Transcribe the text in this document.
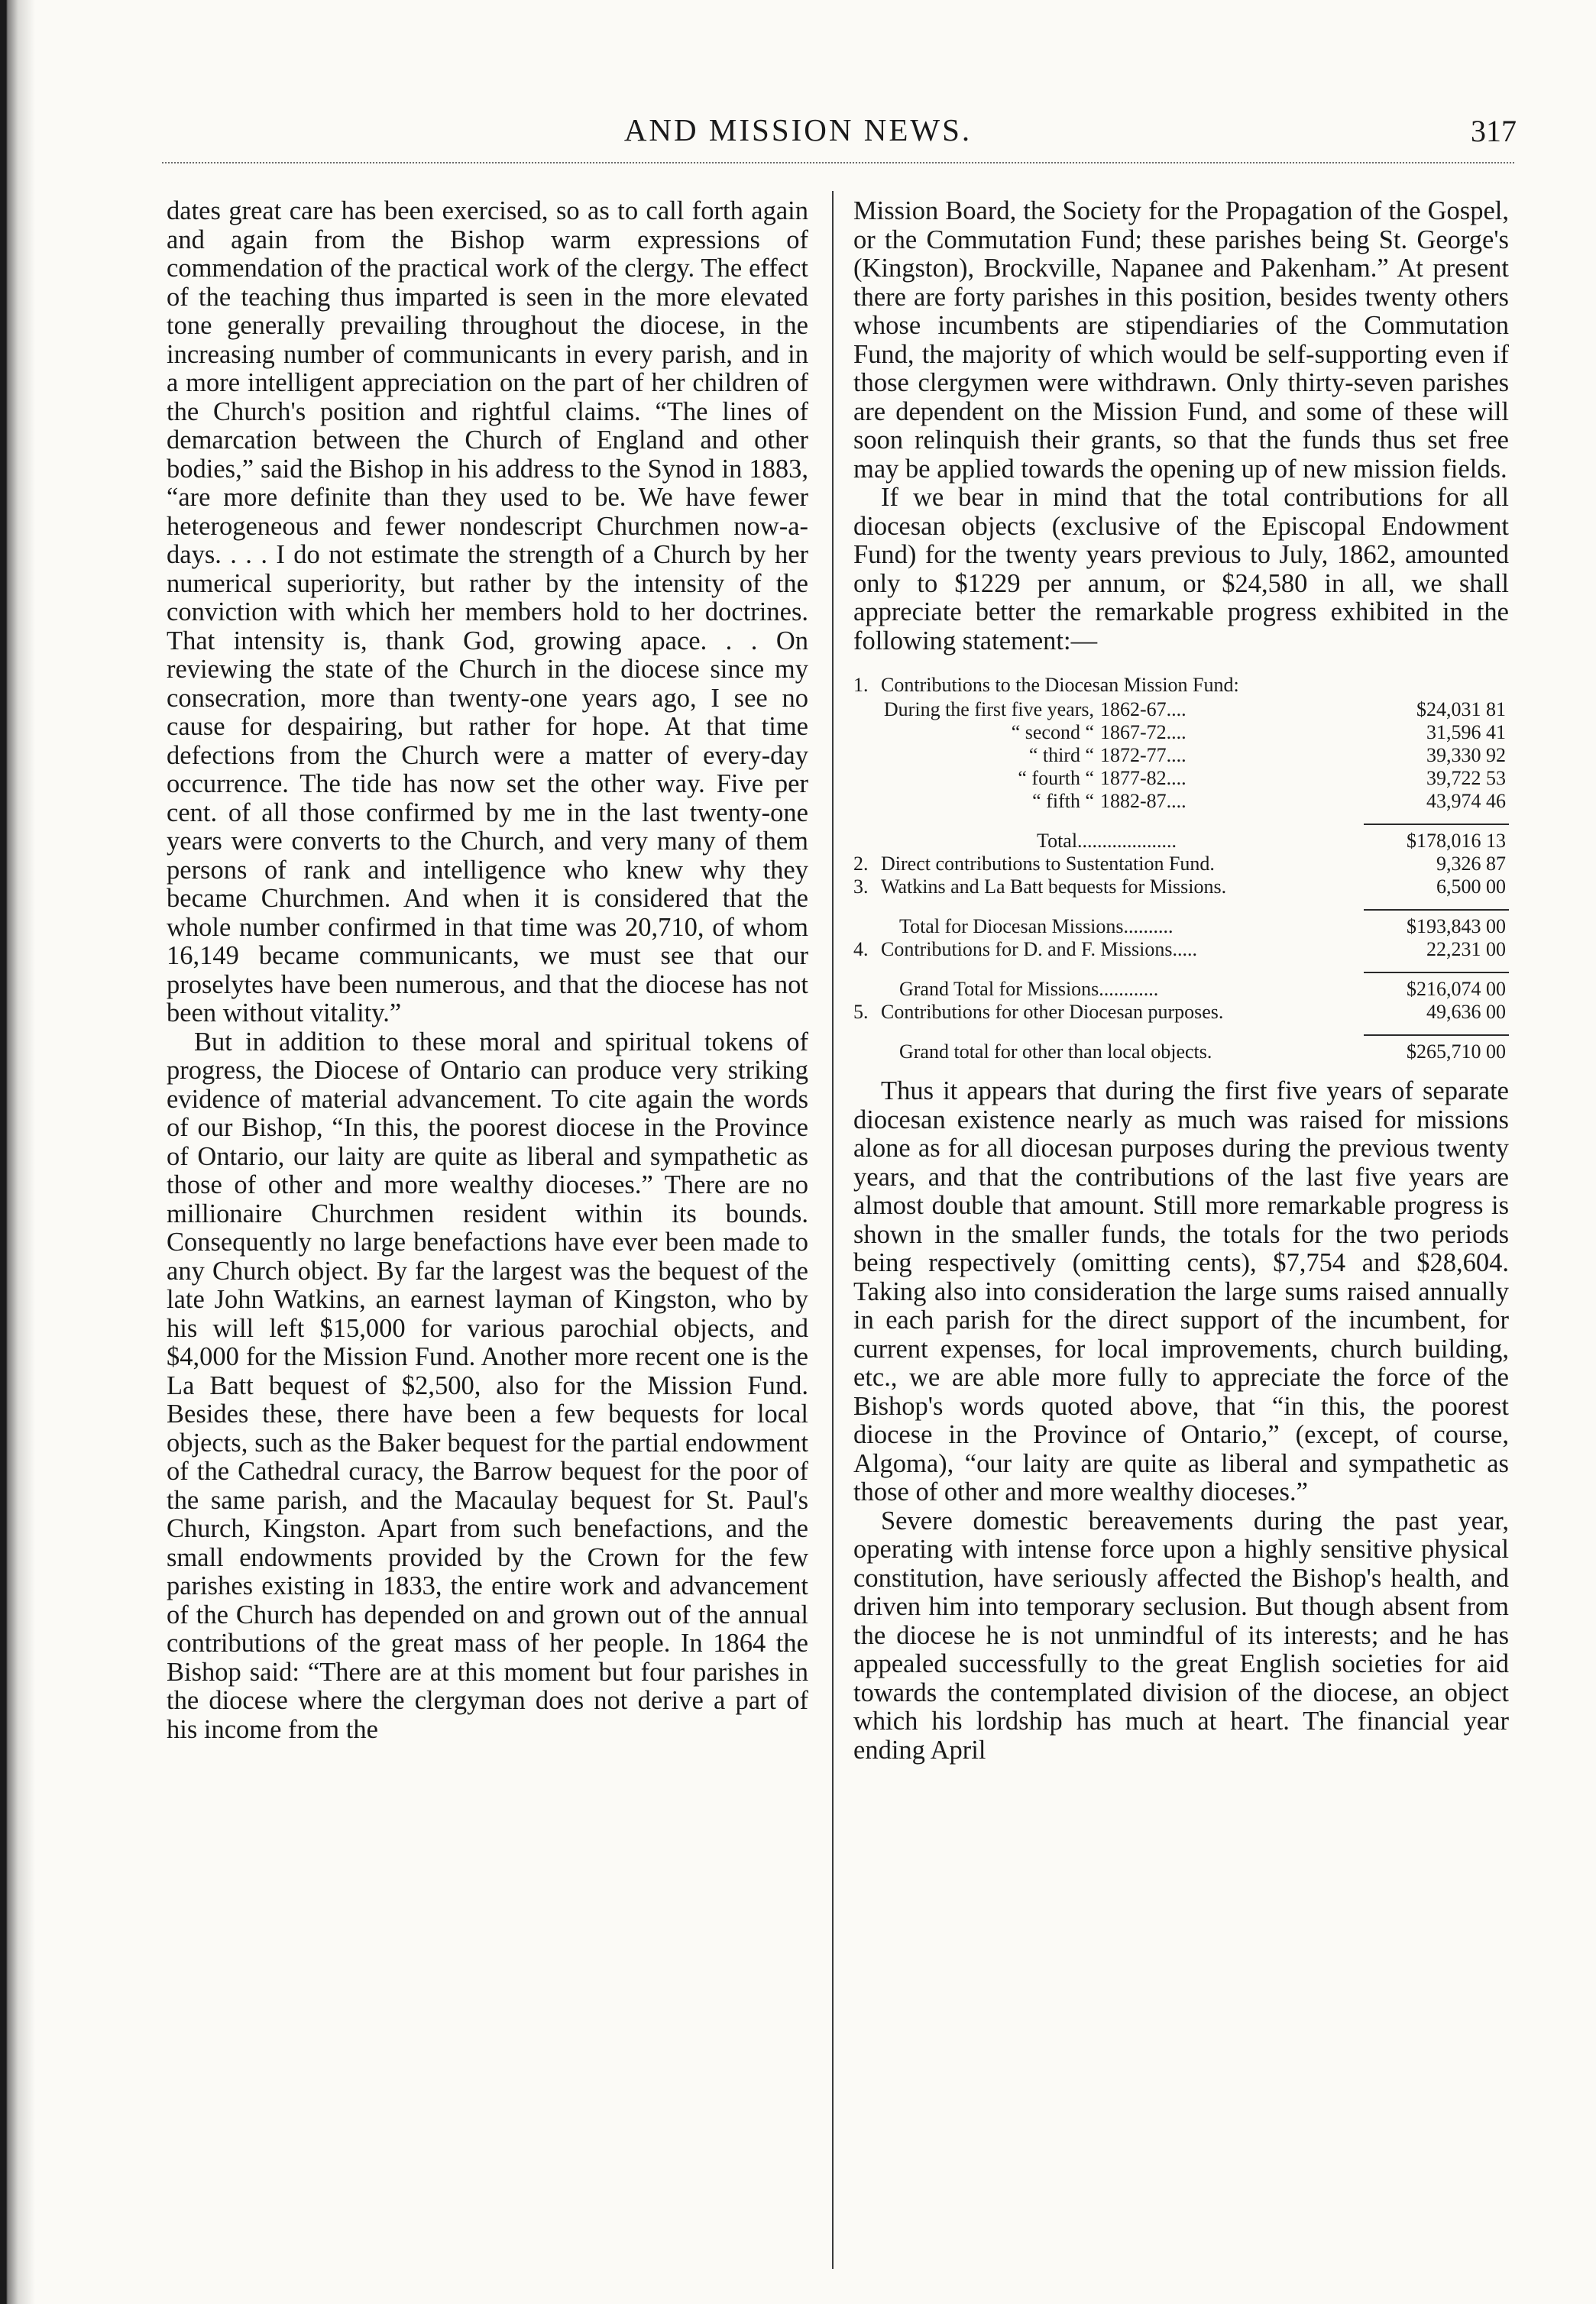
AND MISSION NEWS.	317

dates great care has been exercised, so as to call forth again and again from the Bishop warm expressions of commendation of the practical work of the clergy. The effect of the teaching thus imparted is seen in the more elevated tone generally prevailing throughout the diocese, in the increasing number of communicants in every parish, and in a more intelligent appreciation on the part of her children of the Church's position and rightful claims. “The lines of demarcation between the Church of England and other bodies,” said the Bishop in his address to the Synod in 1883, “are more definite than they used to be. We have fewer heterogeneous and fewer nondescript Churchmen now-a-days. . . . I do not estimate the strength of a Church by her numerical superiority, but rather by the intensity of the conviction with which her members hold to her doctrines. That intensity is, thank God, growing apace. . . On reviewing the state of the Church in the diocese since my consecration, more than twenty-one years ago, I see no cause for despairing, but rather for hope. At that time defections from the Church were a matter of every-day occurrence. The tide has now set the other way. Five per cent. of all those confirmed by me in the last twenty-one years were converts to the Church, and very many of them persons of rank and intelligence who knew why they became Churchmen. And when it is considered that the whole number confirmed in that time was 20,710, of whom 16,149 became communicants, we must see that our proselytes have been numerous, and that the diocese has not been without vitality.”

But in addition to these moral and spiritual tokens of progress, the Diocese of Ontario can produce very striking evidence of material advancement. To cite again the words of our Bishop, “In this, the poorest diocese in the Province of Ontario, our laity are quite as liberal and sympathetic as those of other and more wealthy dioceses.” There are no millionaire Churchmen resident within its bounds. Consequently no large benefactions have ever been made to any Church object. By far the largest was the bequest of the late John Watkins, an earnest layman of Kingston, who by his will left $15,000 for various parochial objects, and $4,000 for the Mission Fund. Another more recent one is the La Batt bequest of $2,500, also for the Mission Fund. Besides these, there have been a few bequests for local objects, such as the Baker bequest for the partial endowment of the Cathedral curacy, the Barrow bequest for the poor of the same parish, and the Macaulay bequest for St. Paul's Church, Kingston. Apart from such benefactions, and the small endowments provided by the Crown for the few parishes existing in 1833, the entire work and advancement of the Church has depended on and grown out of the annual contributions of the great mass of her people. In 1864 the Bishop said: “There are at this moment but four parishes in the diocese where the clergyman does not derive a part of his income from the

Mission Board, the Society for the Propagation of the Gospel, or the Commutation Fund; these parishes being St. George's (Kingston), Brockville, Napanee and Pakenham.” At present there are forty parishes in this position, besides twenty others whose incumbents are stipendiaries of the Commutation Fund, the majority of which would be self-supporting even if those clergymen were withdrawn. Only thirty-seven parishes are dependent on the Mission Fund, and some of these will soon relinquish their grants, so that the funds thus set free may be applied towards the opening up of new mission fields.

If we bear in mind that the total contributions for all diocesan objects (exclusive of the Episcopal Endowment Fund) for the twenty years previous to July, 1862, amounted only to $1229 per annum, or $24,580 in all, we shall appreciate better the remarkable progress exhibited in the following statement:—

1. Contributions to the Diocesan Mission Fund:
During the first five years, 1862-67....	$24,031 81
“ second “ 1867-72....	31,596 41
“ third “ 1872-77....	39,330 92
“ fourth “ 1877-82....	39,722 53
“ fifth “ 1882-87....	43,974 46
Total....................	$178,016 13
2. Direct contributions to Sustentation Fund.	9,326 87
3. Watkins and La Batt bequests for Missions.	6,500 00
Total for Diocesan Missions..........	$193,843 00
4. Contributions for D. and F. Missions.....	22,231 00
Grand Total for Missions............	$216,074 00
5. Contributions for other Diocesan purposes.	49,636 00
Grand total for other than local objects.	$265,710 00

Thus it appears that during the first five years of separate diocesan existence nearly as much was raised for missions alone as for all diocesan purposes during the previous twenty years, and that the contributions of the last five years are almost double that amount. Still more remarkable progress is shown in the smaller funds, the totals for the two periods being respectively (omitting cents), $7,754 and $28,604. Taking also into consideration the large sums raised annually in each parish for the direct support of the incumbent, for current expenses, for local improvements, church building, etc., we are able more fully to appreciate the force of the Bishop's words quoted above, that “in this, the poorest diocese in the Province of Ontario,” (except, of course, Algoma), “our laity are quite as liberal and sympathetic as those of other and more wealthy dioceses.”

Severe domestic bereavements during the past year, operating with intense force upon a highly sensitive physical constitution, have seriously affected the Bishop's health, and driven him into temporary seclusion. But though absent from the diocese he is not unmindful of its interests; and he has appealed successfully to the great English societies for aid towards the contemplated division of the diocese, an object which his lordship has much at heart. The financial year ending April
